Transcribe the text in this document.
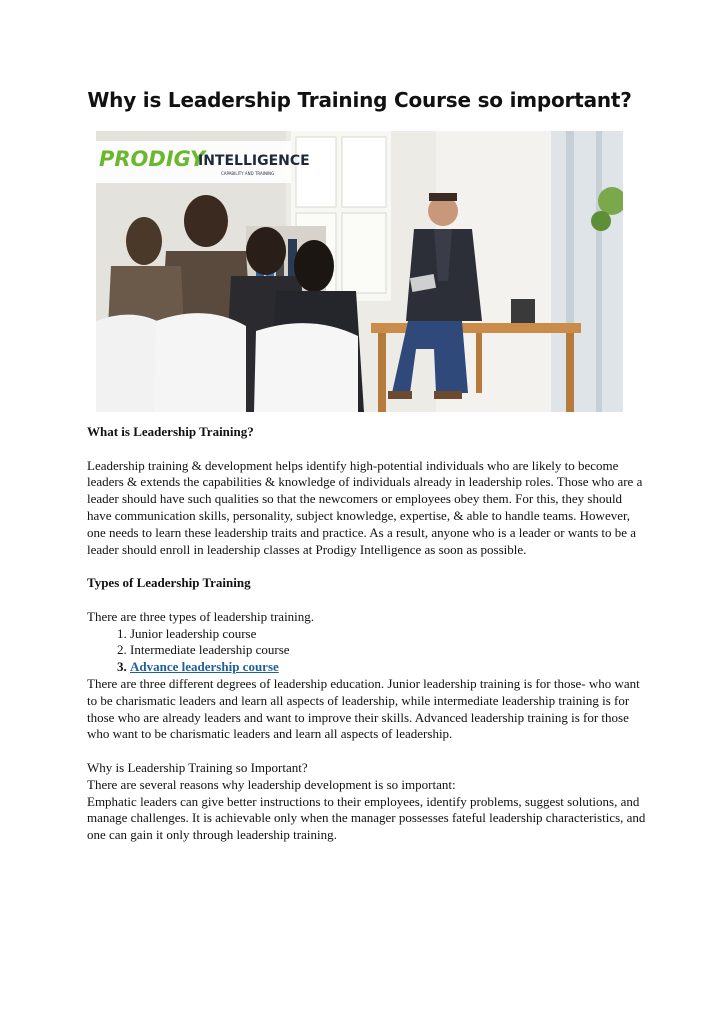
Why is Leadership Training Course so important?
PRODIGY
INTELLIGENCE
CAPABILITY AND TRAINING
What is Leadership Training?

Leadership training & development helps identify high-potential individuals who are likely to become leaders & extends the capabilities & knowledge of individuals already in leadership roles. Those who are a leader should have such qualities so that the newcomers or employees obey them. For this, they should have communication skills, personality, subject knowledge, expertise, & able to handle teams. However, one needs to learn these leadership traits and practice. As a result, anyone who is a leader or wants to be a leader should enroll in leadership classes at Prodigy Intelligence as soon as possible.

Types of Leadership Training

There are three types of leadership training.

1. Junior leadership course
2. Intermediate leadership course
3. Advance leadership course

There are three different degrees of leadership education. Junior leadership training is for those- who want to be charismatic leaders and learn all aspects of leadership, while intermediate leadership training is for those who are already leaders and want to improve their skills. Advanced leadership training is for those who want to be charismatic leaders and learn all aspects of leadership.

Why is Leadership Training so Important?

There are several reasons why leadership development is so important:

Emphatic leaders can give better instructions to their employees, identify problems, suggest solutions, and manage challenges. It is achievable only when the manager possesses fateful leadership characteristics, and one can gain it only through leadership training.
